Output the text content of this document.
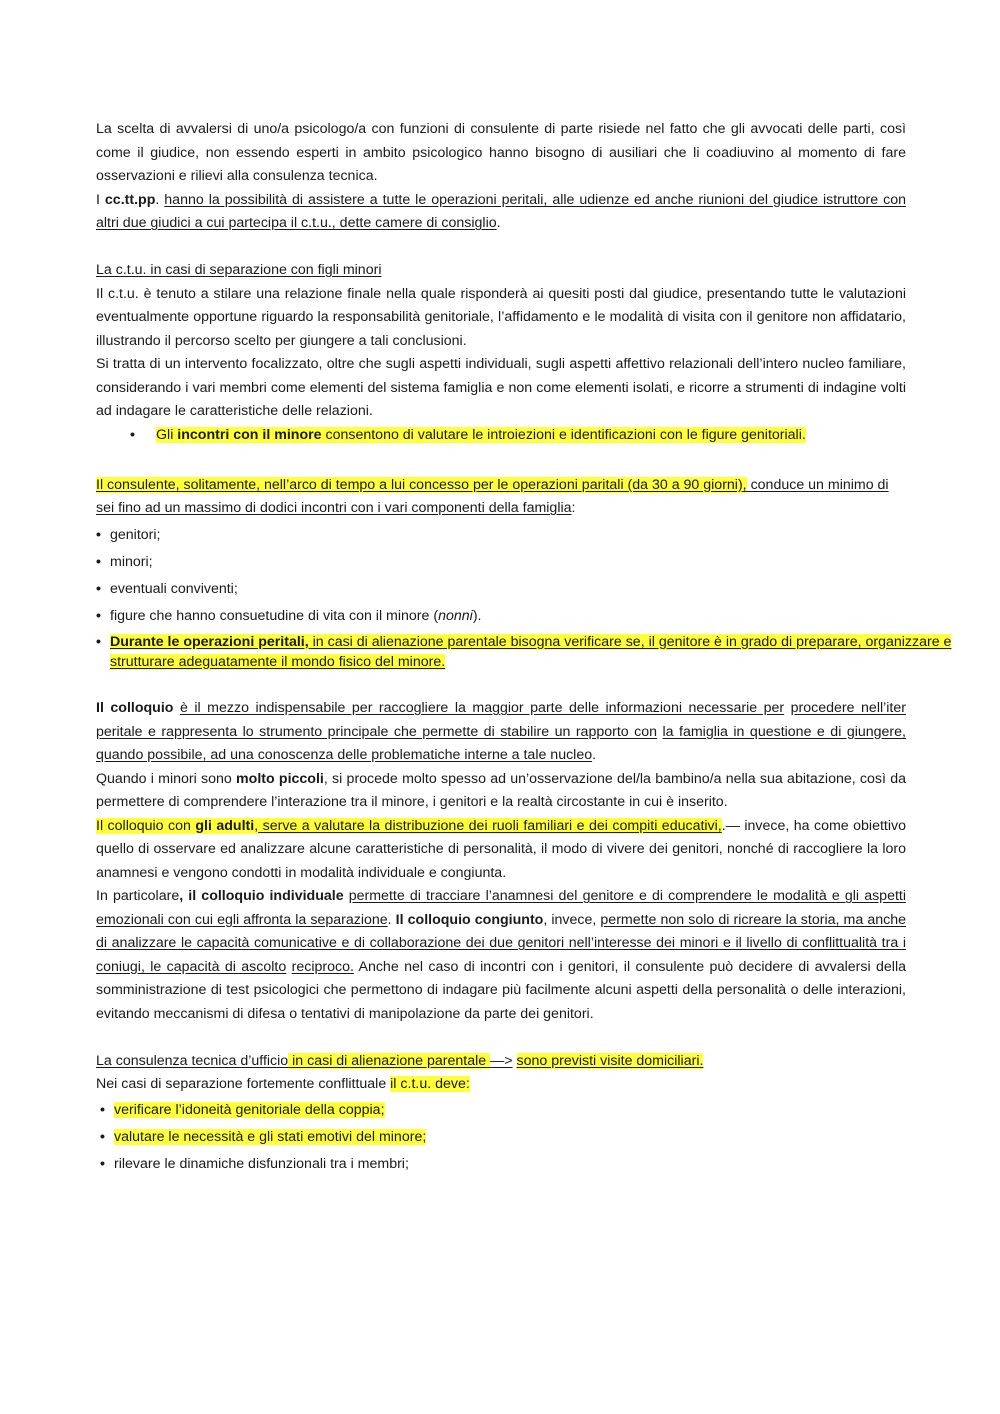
La scelta di avvalersi di uno/a psicologo/a con funzioni di consulente di parte risiede nel fatto che gli avvocati delle parti, così come il giudice, non essendo esperti in ambito psicologico hanno bisogno di ausiliari che li coadiuvino al momento di fare osservazioni e rilievi alla consulenza tecnica.

I cc.tt.pp. hanno la possibilità di assistere a tutte le operazioni peritali, alle udienze ed anche riunioni del giudice istruttore con altri due giudici a cui partecipa il c.t.u., dette camere di consiglio.

La c.t.u. in casi di separazione con figli minori

Il c.t.u. è tenuto a stilare una relazione finale nella quale risponderà ai quesiti posti dal giudice, presentando tutte le valutazioni eventualmente opportune riguardo la responsabilità genitoriale, l’affidamento e le modalità di visita con il genitore non affidatario, illustrando il percorso scelto per giungere a tali conclusioni.

Si tratta di un intervento focalizzato, oltre che sugli aspetti individuali, sugli aspetti affettivo relazionali dell’intero nucleo familiare, considerando i vari membri come elementi del sistema famiglia e non come elementi isolati, e ricorre a strumenti di indagine volti ad indagare le caratteristiche delle relazioni.

• Gli incontri con il minore consentono di valutare le introiezioni e identificazioni con le figure genitoriali.

Il consulente, solitamente, nell’arco di tempo a lui concesso per le operazioni paritali (da 30 a 90 giorni), conduce un minimo di sei fino ad un massimo di dodici incontri con i vari componenti della famiglia:

• genitori;
• minori;
• eventuali conviventi;
• figure che hanno consuetudine di vita con il minore (nonni).
• Durante le operazioni peritali, in casi di alienazione parentale bisogna verificare se, il genitore è in grado di preparare, organizzare e strutturare adeguatamente il mondo fisico del minore.

Il colloquio è il mezzo indispensabile per raccogliere la maggior parte delle informazioni necessarie per procedere nell’iter peritale e rappresenta lo strumento principale che permette di stabilire un rapporto con la famiglia in questione e di giungere, quando possibile, ad una conoscenza delle problematiche interne a tale nucleo.

Quando i minori sono molto piccoli, si procede molto spesso ad un’osservazione del/la bambino/a nella sua abitazione, così da permettere di comprendere l’interazione tra il minore, i genitori e la realtà circostante in cui è inserito.

Il colloquio con gli adulti, serve a valutare la distribuzione dei ruoli familiari e dei compiti educativi,.— invece, ha come obiettivo quello di osservare ed analizzare alcune caratteristiche di personalità, il modo di vivere dei genitori, nonché di raccogliere la loro anamnesi e vengono condotti in modalità individuale e congiunta.

In particolare, il colloquio individuale permette di tracciare l’anamnesi del genitore e di comprendere le modalità e gli aspetti emozionali con cui egli affronta la separazione. Il colloquio congiunto, invece, permette non solo di ricreare la storia, ma anche di analizzare le capacità comunicative e di collaborazione dei due genitori nell’interesse dei minori e il livello di conflittualità tra i coniugi, le capacità di ascolto reciproco. Anche nel caso di incontri con i genitori, il consulente può decidere di avvalersi della somministrazione di test psicologici che permettono di indagare più facilmente alcuni aspetti della personalità o delle interazioni, evitando meccanismi di difesa o tentativi di manipolazione da parte dei genitori.

La consulenza tecnica d’ufficio in casi di alienazione parentale —> sono previsti visite domiciliari.

Nei casi di separazione fortemente conflittuale il c.t.u. deve:

• verificare l’idoneità genitoriale della coppia;
• valutare le necessità e gli stati emotivi del minore;
• rilevare le dinamiche disfunzionali tra i membri;
